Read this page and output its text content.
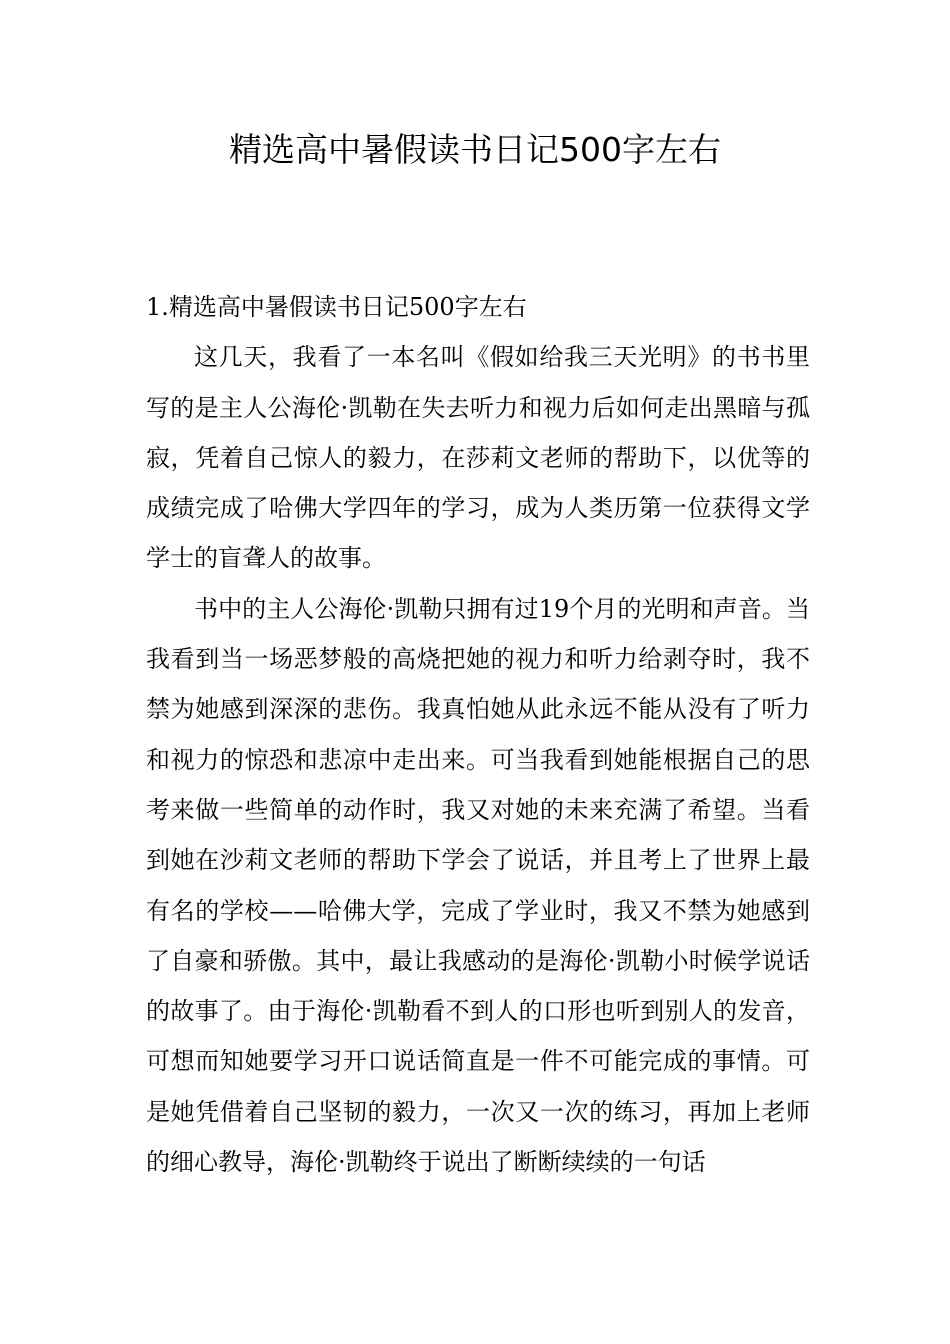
精选高中暑假读书日记500字左右

1.精选高中暑假读书日记500字左右

这几天，我看了一本名叫《假如给我三天光明》的书书里写的是主人公海伦·凯勒在失去听力和视力后如何走出黑暗与孤寂，凭着自己惊人的毅力，在莎莉文老师的帮助下，以优等的成绩完成了哈佛大学四年的学习，成为人类历第一位获得文学学士的盲聋人的故事。

书中的主人公海伦·凯勒只拥有过19个月的光明和声音。当我看到当一场恶梦般的高烧把她的视力和听力给剥夺时，我不禁为她感到深深的悲伤。我真怕她从此永远不能从没有了听力和视力的惊恐和悲凉中走出来。可当我看到她能根据自己的思考来做一些简单的动作时，我又对她的未来充满了希望。当看到她在沙莉文老师的帮助下学会了说话，并且考上了世界上最有名的学校——哈佛大学，完成了学业时，我又不禁为她感到了自豪和骄傲。其中，最让我感动的是海伦·凯勒小时候学说话的故事了。由于海伦·凯勒看不到人的口形也听到别人的发音，可想而知她要学习开口说话简直是一件不可能完成的事情。可是她凭借着自己坚韧的毅力，一次又一次的练习，再加上老师的细心教导，海伦·凯勒终于说出了断断续续的一句话
